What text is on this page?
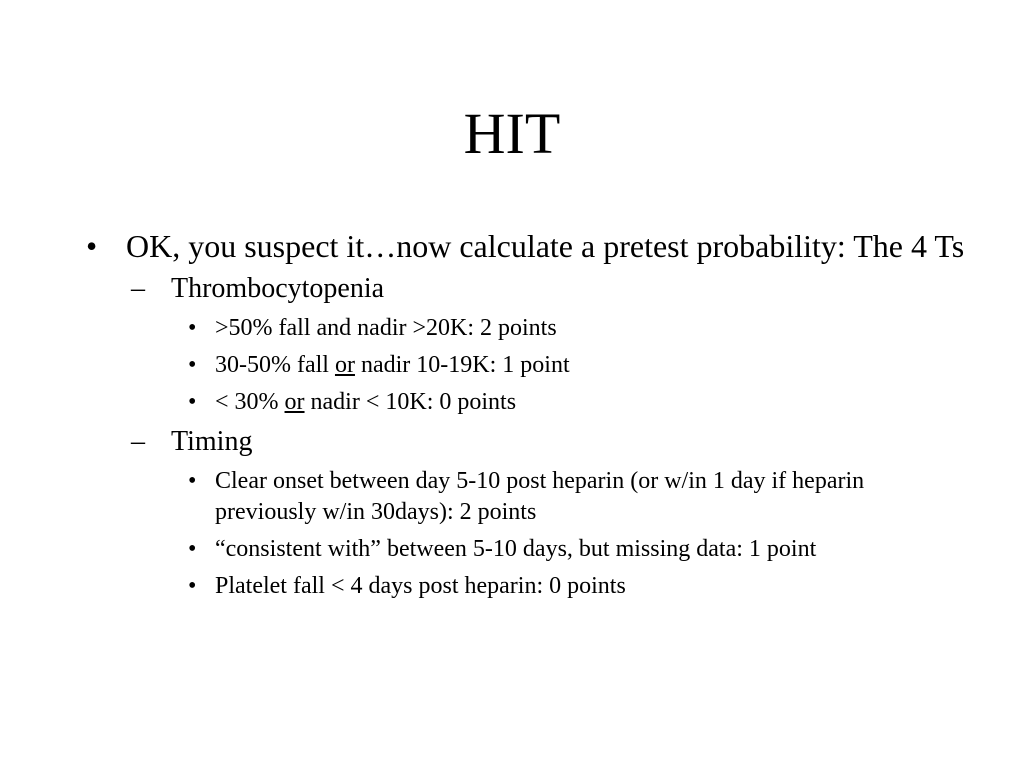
HIT
• OK, you suspect it…now calculate a pretest probability: The 4 Ts
– Thrombocytopenia
• >50% fall and nadir >20K: 2 points
• 30-50% fall or nadir 10-19K: 1 point
• < 30% or nadir < 10K: 0 points
– Timing
• Clear onset between day 5-10 post heparin (or w/in 1 day if heparin previously w/in 30days): 2 points
• “consistent with” between 5-10 days, but missing data: 1 point
• Platelet fall < 4 days post heparin: 0 points
